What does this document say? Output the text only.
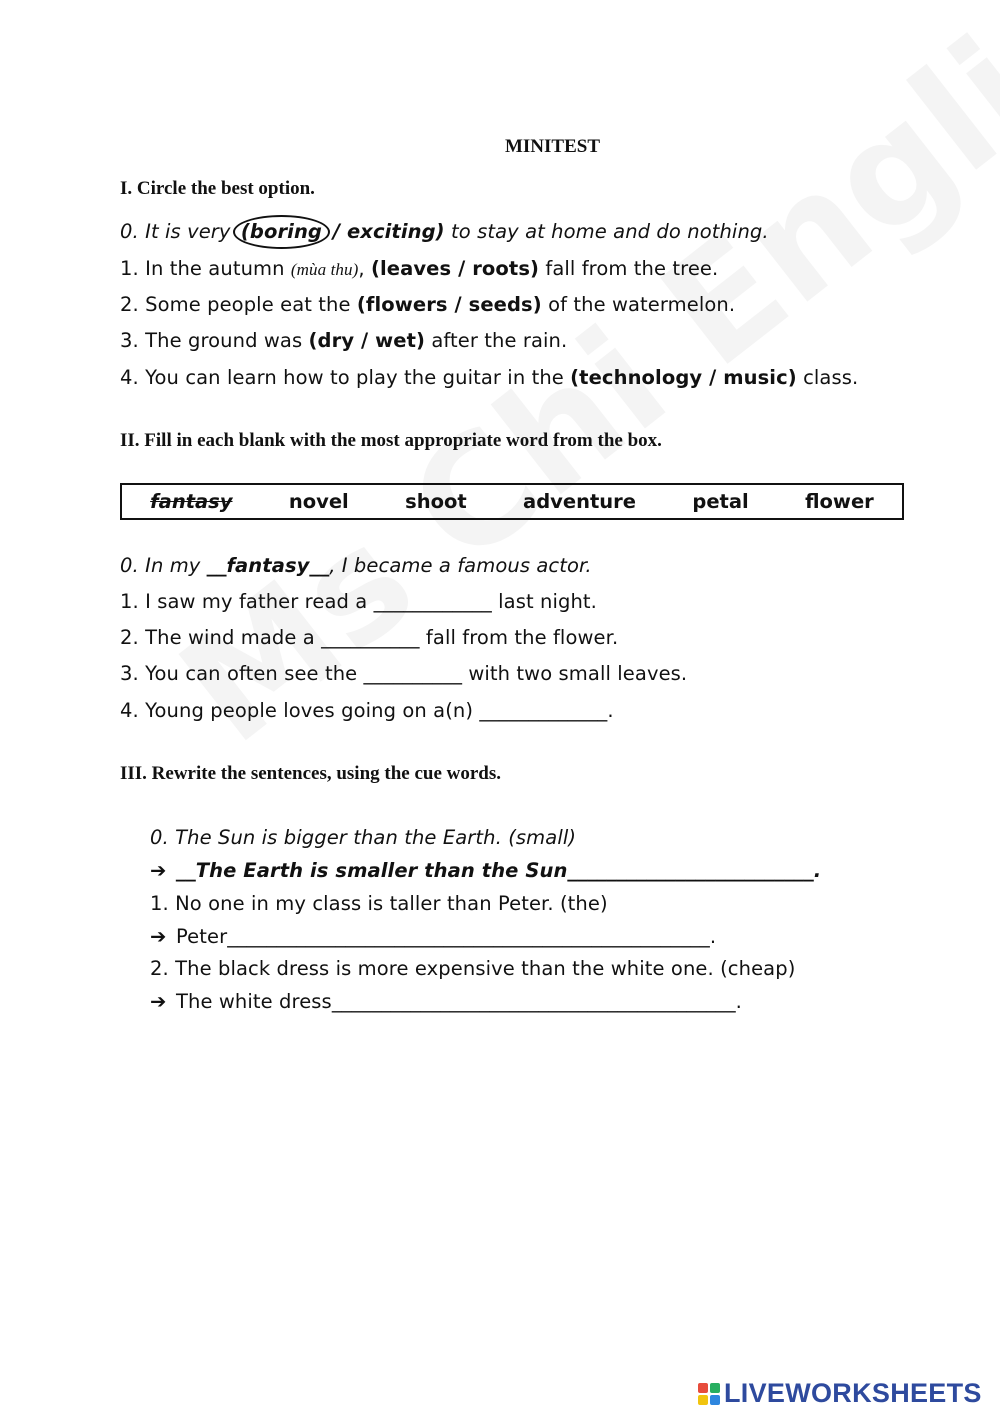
MINITEST
I. Circle the best option.
0. It is very (boring / exciting) to stay at home and do nothing.
1. In the autumn (mùa thu), (leaves / roots) fall from the tree.
2. Some people eat the (flowers / seeds) of the watermelon.
3. The ground was (dry / wet) after the rain.
4. You can learn how to play the guitar in the (technology / music) class.
II. Fill in each blank with the most appropriate word from the box.
fantasy	novel	shoot	adventure	petal	flower
0. In my __fantasy__, I became a famous actor.
1. I saw my father read a ____________ last night.
2. The wind made a __________ fall from the flower.
3. You can often see the __________ with two small leaves.
4. Young people loves going on a(n) _____________.
III. Rewrite the sentences, using the cue words.
0. The Sun is bigger than the Earth. (small)
➔ __The Earth is smaller than the Sun_________________________.
1. No one in my class is taller than Peter. (the)
➔ Peter_________________________________________________.
2. The black dress is more expensive than the white one. (cheap)
➔ The white dress_________________________________________.
LIVEWORKSHEETS
